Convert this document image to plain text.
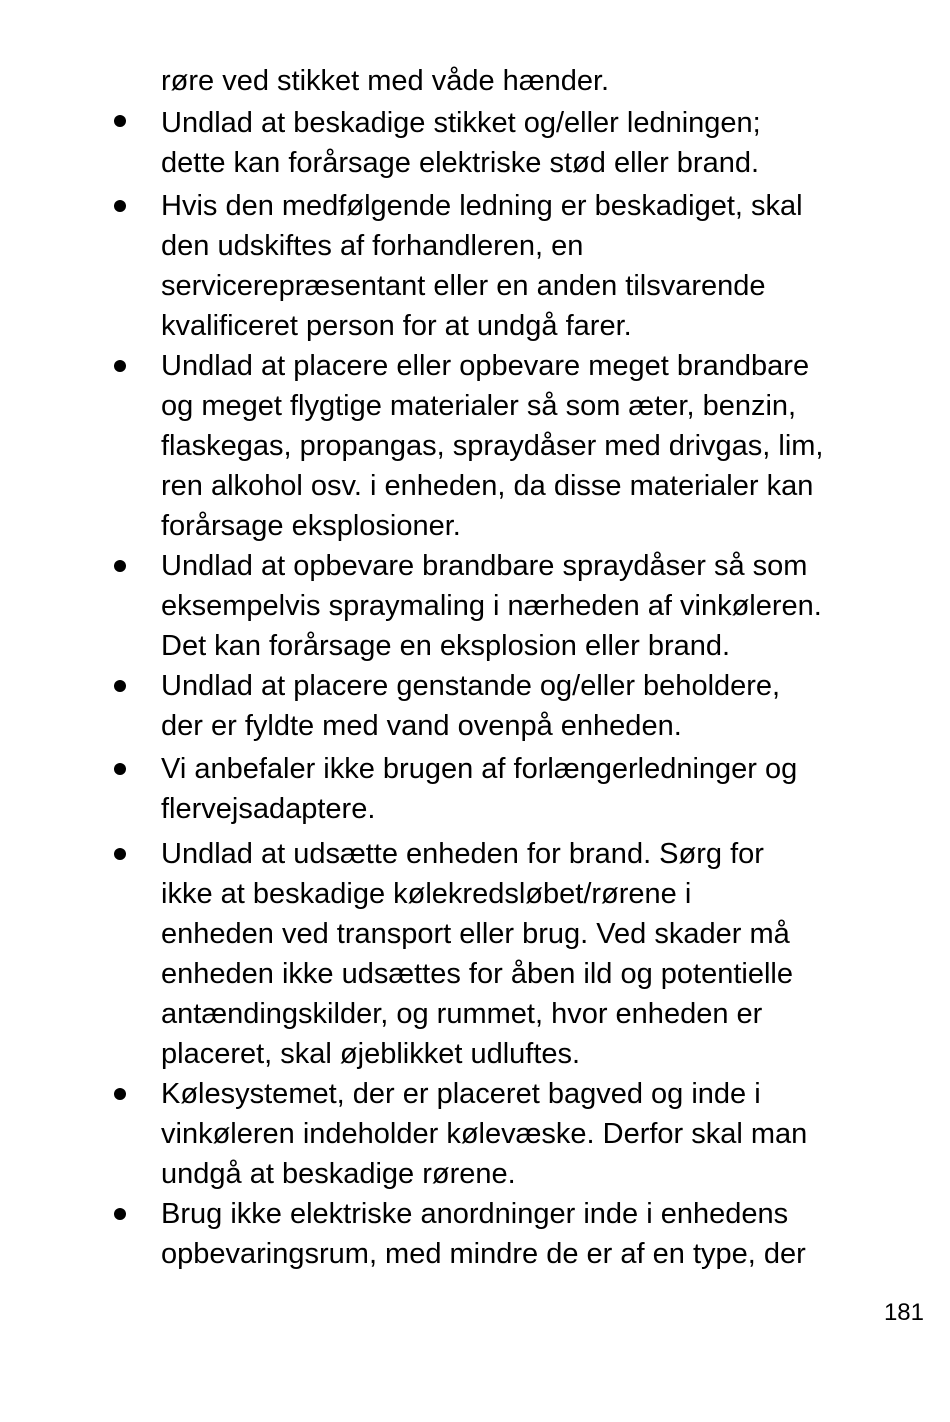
røre ved stikket med våde hænder.
Undlad at beskadige stikket og/eller ledningen;
dette kan forårsage elektriske stød eller brand.
Hvis den medfølgende ledning er beskadiget, skal
den udskiftes af forhandleren, en
servicerepræsentant eller en anden tilsvarende
kvalificeret person for at undgå farer.
Undlad at placere eller opbevare meget brandbare
og meget flygtige materialer så som æter, benzin,
flaskegas, propangas, spraydåser med drivgas, lim,
ren alkohol osv. i enheden, da disse materialer kan
forårsage eksplosioner.
Undlad at opbevare brandbare spraydåser så som
eksempelvis spraymaling i nærheden af vinkøleren.
Det kan forårsage en eksplosion eller brand.
Undlad at placere genstande og/eller beholdere,
der er fyldte med vand ovenpå enheden.
Vi anbefaler ikke brugen af forlængerledninger og
flervejsadaptere.
Undlad at udsætte enheden for brand. Sørg for
ikke at beskadige kølekredsløbet/rørene i
enheden ved transport eller brug. Ved skader må
enheden ikke udsættes for åben ild og potentielle
antændingskilder, og rummet, hvor enheden er
placeret, skal øjeblikket udluftes.
Kølesystemet, der er placeret bagved og inde i
vinkøleren indeholder kølevæske. Derfor skal man
undgå at beskadige rørene.
Brug ikke elektriske anordninger inde i enhedens
opbevaringsrum, med mindre de er af en type, der
181
